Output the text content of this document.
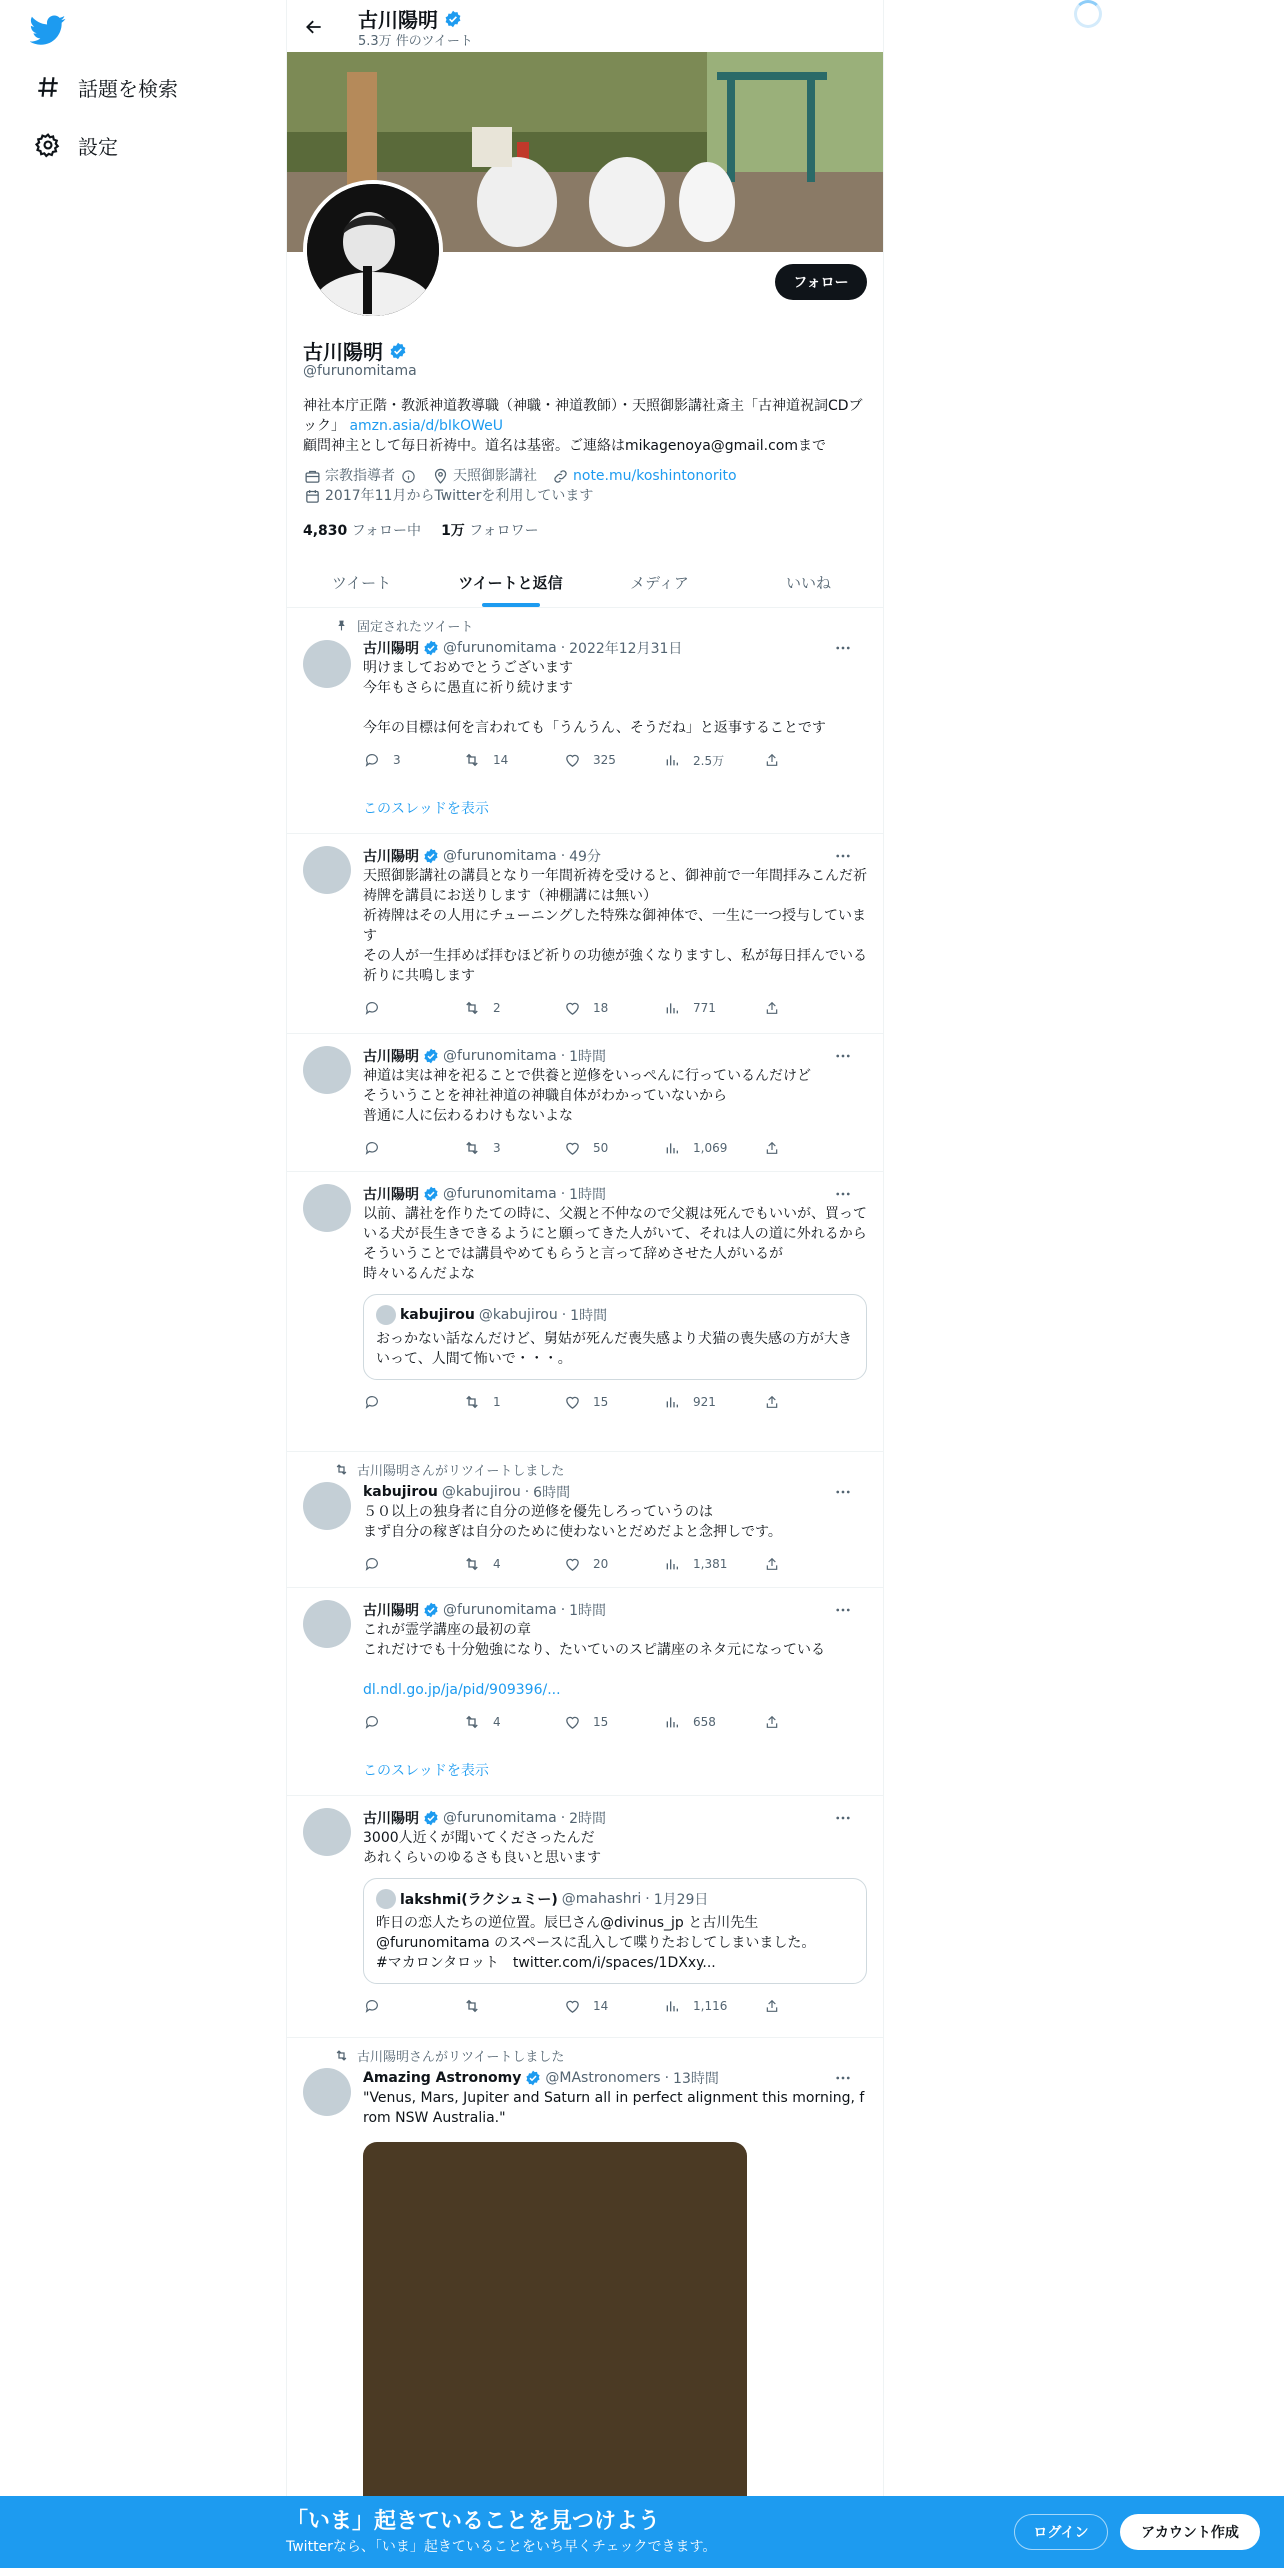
話題を検索
設定
古川陽明
5.3万 件のツイート
フォロー
古川陽明
@furunomitama
神社本庁正階・教派神道教導職（神職・神道教師）・天照御影講社斎主「古神道祝詞CDブック」 amzn.asia/d/bIkOWeU
顧問神主として毎日祈祷中。道名は基密。ご連絡はmikagenoya@gmail.comまで
宗教指導者	天照御影講社	note.mu/koshintonorito
2017年11月からTwitterを利用しています
4,830 フォロー中 1万 フォロワー
ツイート	ツイートと返信	メディア	いいね
固定されたツイート
古川陽明 @furunomitama · 2022年12月31日
明けましておめでとうございます
今年もさらに愚直に祈り続けます

今年の目標は何を言われても「うんうん、そうだね」と返事することです
3	14	325	2.5万
このスレッドを表示
古川陽明 @furunomitama · 49分
天照御影講社の講員となり一年間祈祷を受けると、御神前で一年間拝みこんだ祈祷牌を講員にお送りします（神棚講には無い）
祈祷牌はその人用にチューニングした特殊な御神体で、一生に一つ授与しています
その人が一生拝めば拝むほど祈りの功徳が強くなりますし、私が毎日拝んでいる祈りに共鳴します
2	18	771
古川陽明 @furunomitama · 1時間
神道は実は神を祀ることで供養と逆修をいっぺんに行っているんだけど
そういうことを神社神道の神職自体がわかっていないから
普通に人に伝わるわけもないよな
3	50	1,069
古川陽明 @furunomitama · 1時間
以前、講社を作りたての時に、父親と不仲なので父親は死んでもいいが、買っている犬が長生きできるようにと願ってきた人がいて、それは人の道に外れるからそういうことでは講員やめてもらうと言って辞めさせた人がいるが
時々いるんだよな
kabujirou @kabujirou · 1時間
おっかない話なんだけど、舅姑が死んだ喪失感より犬猫の喪失感の方が大きいって、人間て怖いで・・・。
1	15	921
古川陽明さんがリツイートしました
kabujirou @kabujirou · 6時間
５０以上の独身者に自分の逆修を優先しろっていうのは
まず自分の稼ぎは自分のために使わないとだめだよと念押しです。
4	20	1,381
古川陽明 @furunomitama · 1時間
これが霊学講座の最初の章
これだけでも十分勉強になり、たいていのスピ講座のネタ元になっている
dl.ndl.go.jp/ja/pid/909396/...
4	15	658
このスレッドを表示
古川陽明 @furunomitama · 2時間
3000人近くが聞いてくださったんだ
あれくらいのゆるさも良いと思います
lakshmi(ラクシュミー) @mahashri · 1月29日
昨日の恋人たちの逆位置。辰巳さん@divinus_jp と古川先生@furunomitama のスペースに乱入して喋りたおしてしまいました。
#マカロンタロット　twitter.com/i/spaces/1DXxy...
14	1,116
古川陽明さんがリツイートしました
Amazing Astronomy @MAstronomers · 13時間
"Venus, Mars, Jupiter and Saturn all in perfect alignment this morning, from NSW Australia."
「いま」起きていることを見つけよう
Twitterなら、「いま」起きていることをいち早くチェックできます。
ログイン	アカウント作成
